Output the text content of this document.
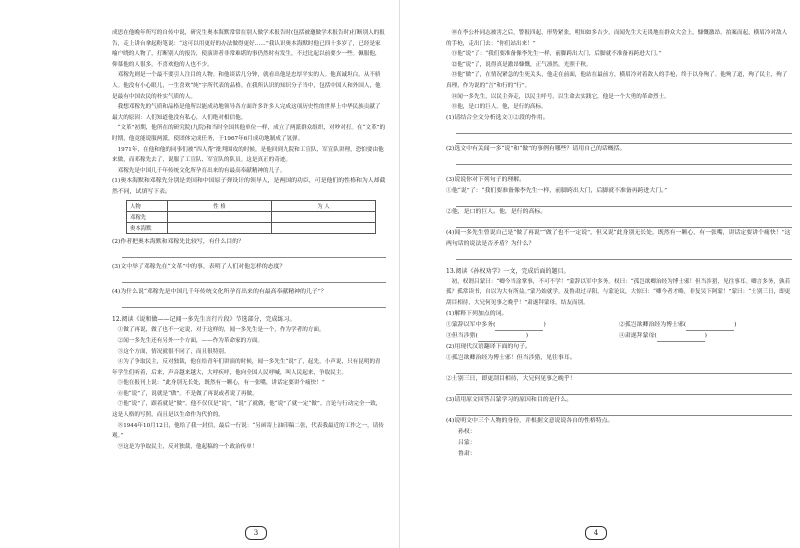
成思在他晚年所写的自传中说，研究生奥本海默常常在别人做学术报告时(包括被邀做学术报告时)打断别人的报告，走上讲台拿起粉笔说：“这可以用更好的办法做得更好……”我认识奥本海默时他已四十多岁了，已经是家喻户晓的人物了，打断别人的报告，使演讲者非常难堪的事仍然时有发生，不过比起以前要少一些。佩服他，仰慕他的人很多，不喜欢他的人也不少。

邓稼先则是一个最不要引人注目的人物。和他谈话几分钟，就看出他是忠厚平实的人。他真诚坦白，从不骄人。他没有小心眼儿，一生喜欢“纯”字所代表的品格。在我所认识的知识分子当中，包括中国人和外国人，他是最有中国农民的朴实气质的人。

我想邓稼先的气质和品格是他所以能成功地领导各方面许多许多人完成这项历史性的世界上中华民族贡献了最大的原因：人们知道他没有私心，人们绝对相信他。

“文革”初期，他所在的研究院(九院)和当时全国其他单位一样，成立了两派群众组织，对吵对打。在“文革”的时期，他竟能说服两派，使团体完成任务，于1967年6月成功地制成了氢弹。

1971年，在他和他的同事们被“四人帮”批判围攻的时候，是他回到九院和工宣队、军宣队讲理，恐怕要由他来做，而邓稼先去了，说服了工宣队、军宣队的队员。这是真正的奇迹。

邓稼先是中国几千年传统文化所孕育出来的有最高奉献精神的儿子。

(1)奥本海默和邓稼先分别是美国和中国原子弹设计的领导人，是两国的功臣，可是他们的性格和为人却截然不同，试填写下表。

人物	性 格	为 人
邓稼先		
奥本海默		

(2)作者把奥本海默和邓稼先比较写，有什么目的？

(3)文中举了邓稼先在“文革”中的事，表明了人们对他怎样的态度？

(4)为什么说“邓稼先是中国几千年传统文化所孕育出来的有最高奉献精神的儿子”？

12.阅读《说和做——记闻一多先生言行片段》节选部分，完成练习。

①做了再说，做了也不一定说，对于这样的，闻一多先生是一个，作为学者的方面。

②闻一多先生还有另外一个方面，——作为革命家的方面。

③这个方面，情况就很不同了，而且很特别。

④为了争取民主，反对独裁，他在给青年们讲演的时候，闻一多先生“说”了，起先，小声说，只有昆明的青年学生们听着，后来，声音越来越大，大呼疾呼，他向全国人民呼喊，叫人民起来，争取民主。

⑤他在报刊上说：“此身别无长处，既然有一颗心，有一张嘴，讲话定要讲个痛快！”

⑥他“说”了，说就是“做”。不是做了再说或者说了再做。

⑦他“说”了，跟着就是“做”。他不仅仅是“说”，“说”了就做，他“说”了就一定“做”。言论与行动完全一致，这是人格的写照，而且是以生命作为代价的。

⑧1944年10月12日，他给了我一封信，最后一行说：“另函寄上油印稿二张，代表我最近的工作之一，请传观。”

⑨这是为争取民主，反对独裁，他起稿的一个政治传单！

3

⑩在李公朴同志被害之后，警报四起，形势紧张，明知如多吉少，而闻先生大无畏地在群众大会上，慷慨激昂，拍案而起，横眉冷对敌人的手枪，走出门去：“你们站出来！”

⑪他“说”了：“我们要准备像李先生一样，前脚跨出大门，后脚就不准备再跨进大门。”

⑫他“说”了，说得真是激昂慷慨，正气凛然，光照千秋。

⑬他“做”了，在情况紧急的生死关头，他走在前面，他站在最前方，横眉冷对着敌人的手枪，终于以身殉了。他殉了道，殉了民主，殉了真理，作为说的“言”和行的“行”。

⑭闻一多先生，以民主奔走，以民主呼号，以生命去实践它，他是一个大勇的革命烈士。

⑮他，是口的巨人。他，是行的高标。

(1)请结合全文分析选文①②段的作用。

(2)选文中有关闻一多“说”和“做”的事例有哪些？请用自己的话概括。

(3)说说你对下列句子的理解。

①他“说”了：“我们要准备像李先生一样，前脚跨出大门，后脚就不准备再跨进大门。”

②他，是口的巨人。他，是行的高标。

(4)闻一多先生曾说自己是“做了再说”“做了也不一定说”，但又说“此身别无长处，既然有一颗心，有一张嘴，讲话定要讲个痛快！”这两句话的说法是否矛盾？为什么？

13.阅读《孙权劝学》一文，完成后面的题目。

初，权谓吕蒙曰：“卿今当涂掌事，不可不学！”蒙辞以军中多务。权曰：“孤岂欲卿治经为博士邪！但当涉猎，见往事耳。卿言多务，孰若孤？孤常读书，自以为大有所益。”蒙乃始就学。及鲁肃过寻阳，与蒙论议，大惊曰：“卿今者才略，非复吴下阿蒙！”蒙曰：“士别三日，即更刮目相待，大兄何见事之晚乎！”肃遂拜蒙母，结友而别。

(1)解释下列加点的词。

①蒙辞以军中多务(	)	②孤岂欲卿治经为博士邪(	)
③但当涉猎(	)	④肃遂拜蒙母(	)

(2)用现代汉语翻译下面的句子。

①孤岂欲卿治经为博士邪！但当涉猎，见往事耳。

②士别三日，即更刮目相待，大兄何见事之晚乎！

(3)请用原文回答吕蒙学习的原因和目的是什么。

(4)说明文中三个人物的身份，并根据文意说说各自的性格特点。

孙权：

吕蒙：

鲁肃：

4
